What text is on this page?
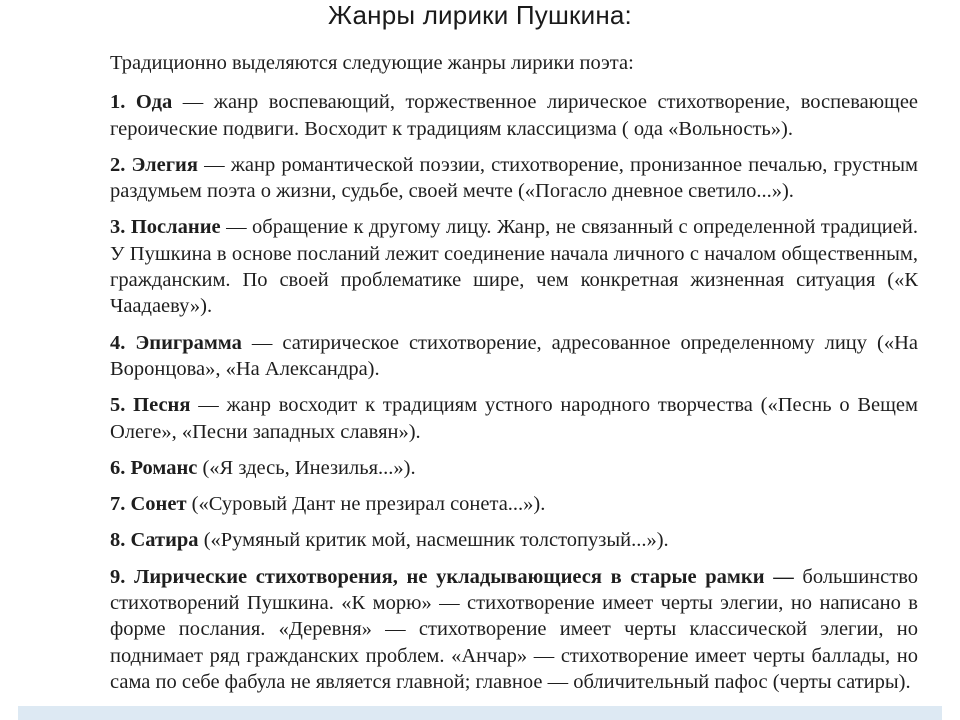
Жанры лирики Пушкина:

Традиционно выделяются следующие жанры лирики поэта:

1. Ода — жанр воспевающий, торжественное лирическое стихотворение, воспевающее героические подвиги. Восходит к традициям классицизма ( ода «Вольность»).

2. Элегия — жанр романтической поэзии, стихотворение, пронизанное печалью, грустным раздумьем поэта о жизни, судьбе, своей мечте («Погасло дневное светило...»).

3. Послание — обращение к другому лицу. Жанр, не связанный с определенной традицией. У Пушкина в основе посланий лежит соединение начала личного с началом общественным, гражданским. По своей проблематике шире, чем конкретная жизненная ситуация («К Чаадаеву»).

4. Эпиграмма — сатирическое стихотворение, адресованное определенному лицу («На Воронцова», «На Александра).

5. Песня — жанр восходит к традициям устного народного творчества («Песнь о Вещем Олеге», «Песни западных славян»).

6. Романс («Я здесь, Инезилья...»).

7. Сонет («Суровый Дант не презирал сонета...»).

8. Сатира («Румяный критик мой, насмешник толстопузый...»).

9. Лирические стихотворения, не укладывающиеся в старые рамки — большинство стихотворений Пушкина. «К морю» — стихотворение имеет черты элегии, но написано в форме послания. «Деревня» — стихотворение имеет черты классической элегии, но поднимает ряд гражданских проблем. «Анчар» — стихотворение имеет черты баллады, но сама по себе фабула не является главной; главное — обличительный пафос (черты сатиры).
